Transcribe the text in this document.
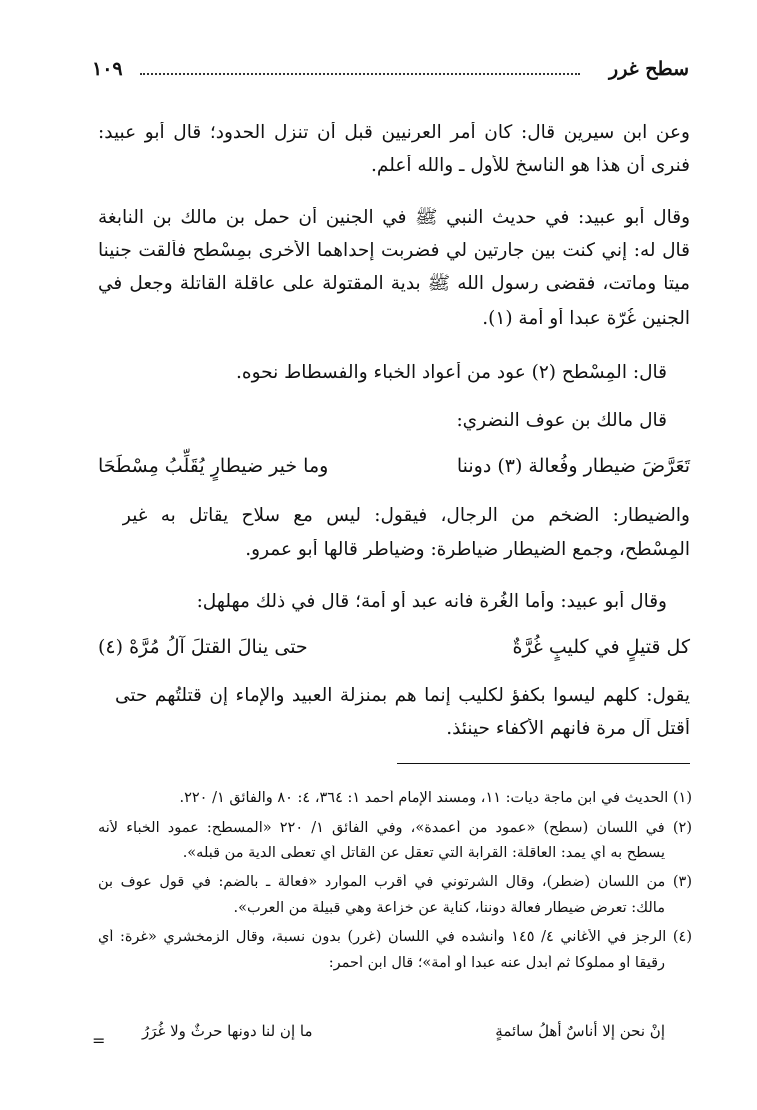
سطح غرر
١٠٩
وعن ابن سيرين قال: كان أمر العرنيين قبل أن تنزل الحدود؛ قال أبو عبيد:
فنرى أن هذا هو الناسخ للأول ـ والله أعلم.
وقال أبو عبيد: في حديث النبي ﷺ في الجنين أن حمل بن مالك بن النابغة
قال له: إني كنت بين جارتين لي فضربت إحداهما الأخرى بمِسْطح فألقت جنينا
ميتا وماتت، فقضى رسول الله ﷺ بدية المقتولة على عاقلة القاتلة وجعل في
الجنين غُرّة عبدا أو أمة (١).
قال: المِسْطح (٢) عود من أعواد الخباء والفسطاط نحوه.
قال مالك بن عوف النضري:
تَعَرَّضَ ضيطار وفُعالة (٣) دوننا
وما خير ضيطارٍ يُقَلِّبُ مِسْطَحَا
والضيطار: الضخم من الرجال، فيقول: ليس مع سلاح يقاتل به غير
المِسْطح، وجمع الضيطار ضياطرة: وضياطر قالها أبو عمرو.
وقال أبو عبيد: وأما الغُرة فانه عبد أو أمة؛ قال في ذلك مهلهل:
كل قتيلٍ في كليبٍ غُرَّةٌ
حتى ينالَ القتلَ آلُ مُرَّهْ (٤)
يقول: كلهم ليسوا بكفؤ لكليب إنما هم بمنزلة العبيد والإماء إن قتلتُهم حتى
أقتل آل مرة فانهم الأكفاء حينئذ.
(١) الحديث في ابن ماجة ديات: ١١، ومسند الإمام أحمد ١: ٣٦٤، ٤: ٨٠ والفائق ١/ ٢٢٠.
(٢) في اللسان (سطح) «عمود من أعمدة»، وفي الفائق ١/ ٢٢٠ «المسطح: عمود الخباء لأنه
يسطح به أي يمد: العاقلة: القرابة التي تعقل عن القاتل أي تعطى الدية من قبله».
(٣) من اللسان (ضطر)، وقال الشرتوني في أقرب الموارد «فعالة ـ بالضم: في قول عوف بن
مالك: تعرض ضيطار فعالة دوننا، كناية عن خزاعة وهي قبيلة من العرب».
(٤) الرجز في الأغاني ٤/ ١٤٥ وأنشده في اللسان (غرر) بدون نسبة، وقال الزمخشري «غرة: أي
رقيقا أو مملوكا ثم أبدل عنه عبدا أو أمة»؛ قال ابن أحمر:
إنْ نحن إلا أناسٌ أهلُ سائمةٍ
ما إن لنا دونها حرثٌ ولا غُرَرُ
=
